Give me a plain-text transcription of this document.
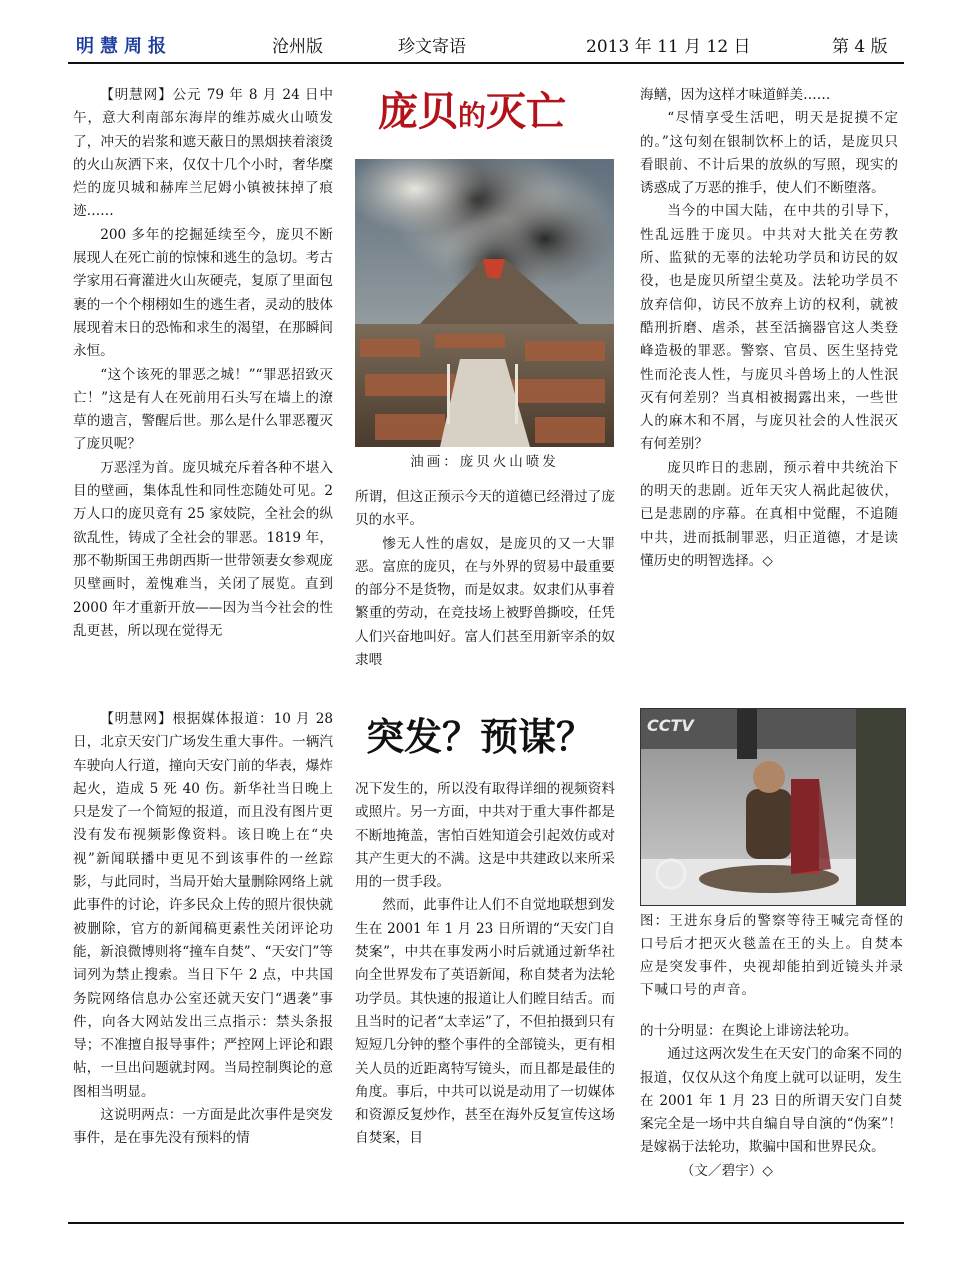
明慧周报	沧州版	珍文寄语	2013 年 11 月 12 日	第 4 版

【明慧网】公元 79 年 8 月 24 日中午，意大利南部东海岸的维苏威火山喷发了，冲天的岩浆和遮天蔽日的黑烟挟着滚烫的火山灰洒下来，仅仅十几个小时，奢华糜烂的庞贝城和赫库兰尼姆小镇被抹掉了痕迹……

200 多年的挖掘延续至今，庞贝不断展现人在死亡前的惊悚和逃生的急切。考古学家用石膏灌进火山灰硬壳，复原了里面包裹的一个个栩栩如生的逃生者，灵动的肢体展现着末日的恐怖和求生的渴望，在那瞬间永恒。

“这个该死的罪恶之城！”“罪恶招致灭亡！”这是有人在死前用石头写在墙上的潦草的遗言，警醒后世。那么是什么罪恶覆灭了庞贝呢？

万恶淫为首。庞贝城充斥着各种不堪入目的壁画，集体乱性和同性恋随处可见。2 万人口的庞贝竟有 25 家妓院，全社会的纵欲乱性，铸成了全社会的罪恶。1819 年，那不勒斯国王弗朗西斯一世带领妻女参观庞贝壁画时，羞愧难当，关闭了展览。直到 2000 年才重新开放——因为当今社会的性乱更甚，所以现在觉得无

庞贝的灭亡
油画：庞贝火山喷发

所谓，但这正预示今天的道德已经滑过了庞贝的水平。

惨无人性的虐奴，是庞贝的又一大罪恶。富庶的庞贝，在与外界的贸易中最重要的部分不是货物，而是奴隶。奴隶们从事着繁重的劳动，在竞技场上被野兽撕咬，任凭人们兴奋地叫好。富人们甚至用新宰杀的奴隶喂

海鳝，因为这样才味道鲜美……

“尽情享受生活吧，明天是捉摸不定的。”这句刻在银制饮杯上的话，是庞贝只看眼前、不计后果的放纵的写照，现实的诱惑成了万恶的推手，使人们不断堕落。

当今的中国大陆，在中共的引导下，性乱远胜于庞贝。中共对大批关在劳教所、监狱的无辜的法轮功学员和访民的奴役，也是庞贝所望尘莫及。法轮功学员不放弃信仰，访民不放弃上访的权利，就被酷刑折磨、虐杀，甚至活摘器官这人类登峰造极的罪恶。警察、官员、医生坚持党性而沦丧人性，与庞贝斗兽场上的人性泯灭有何差别？当真相被揭露出来，一些世人的麻木和不屑，与庞贝社会的人性泯灭有何差别？

庞贝昨日的悲剧，预示着中共统治下的明天的悲剧。近年天灾人祸此起彼伏，已是悲剧的序幕。在真相中觉醒，不追随中共，进而抵制罪恶，归正道德，才是读懂历史的明智选择。◇

【明慧网】根据媒体报道：10 月 28 日，北京天安门广场发生重大事件。一辆汽车驶向人行道，撞向天安门前的华表，爆炸起火，造成 5 死 40 伤。新华社当日晚上只是发了一个简短的报道，而且没有图片更没有发布视频影像资料。该日晚上在“央视”新闻联播中更见不到该事件的一丝踪影，与此同时，当局开始大量删除网络上就此事件的讨论，许多民众上传的照片很快就被删除，官方的新闻稿更素性关闭评论功能，新浪微博则将“撞车自焚”、“天安门”等词列为禁止搜索。当日下午 2 点，中共国务院网络信息办公室还就天安门“遇袭”事件，向各大网站发出三点指示：禁头条报导；不准擅自报导事件；严控网上评论和跟帖，一旦出问题就封网。当局控制舆论的意图相当明显。

这说明两点：一方面是此次事件是突发事件，是在事先没有预料的情

突发？预谋？

况下发生的，所以没有取得详细的视频资料或照片。另一方面，中共对于重大事件都是不断地掩盖，害怕百姓知道会引起效仿或对其产生更大的不满。这是中共建政以来所采用的一贯手段。

然而，此事件让人们不自觉地联想到发生在 2001 年 1 月 23 日所谓的“天安门自焚案”，中共在事发两小时后就通过新华社向全世界发布了英语新闻，称自焚者为法轮功学员。其快速的报道让人们瞠目结舌。而且当时的记者“太幸运”了，不但拍摄到只有短短几分钟的整个事件的全部镜头，更有相关人员的近距离特写镜头，而且都是最佳的角度。事后，中共可以说是动用了一切媒体和资源反复炒作，甚至在海外反复宣传这场自焚案，目

CCTV
图：王进东身后的警察等待王喊完奇怪的口号后才把灭火毯盖在王的头上。自焚本应是突发事件，央视却能拍到近镜头并录下喊口号的声音。

的十分明显：在舆论上诽谤法轮功。

通过这两次发生在天安门的命案不同的报道，仅仅从这个角度上就可以证明，发生在 2001 年 1 月 23 日的所谓天安门自焚案完全是一场中共自编自导自演的“伪案”！是嫁祸于法轮功，欺骗中国和世界民众。

（文／碧宇）◇
